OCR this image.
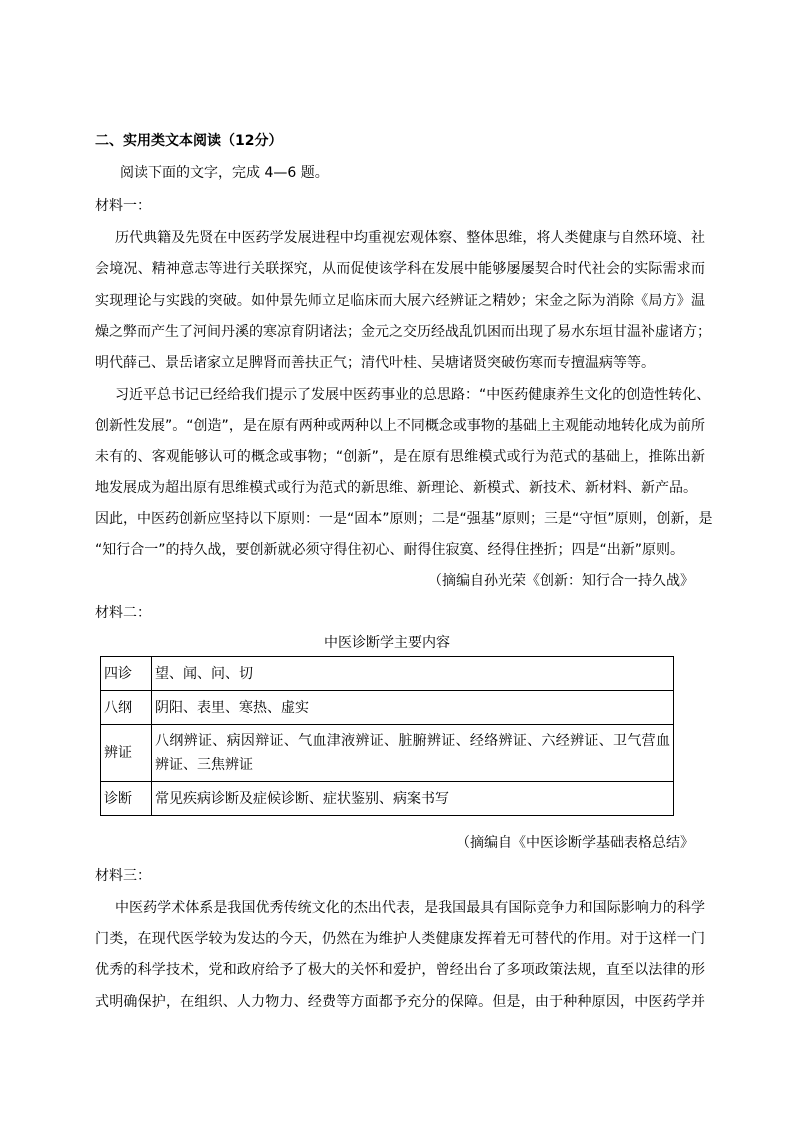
二、实用类文本阅读（12分）
阅读下面的文字，完成 4—6 题。
材料一：
历代典籍及先贤在中医药学发展进程中均重视宏观体察、整体思维，将人类健康与自然环境、社
会境况、精神意志等进行关联探究，从而促使该学科在发展中能够屡屡契合时代社会的实际需求而
实现理论与实践的突破。如仲景先师立足临床而大展六经辨证之精妙；宋金之际为消除《局方》温
燥之弊而产生了河间丹溪的寒凉育阴诸法；金元之交历经战乱饥困而出现了易水东垣甘温补虚诸方；
明代薛己、景岳诸家立足脾肾而善扶正气；清代叶桂、吴塘诸贤突破伤寒而专擅温病等等。
习近平总书记已经给我们提示了发展中医药事业的总思路：“中医药健康养生文化的创造性转化、
创新性发展”。“创造”，是在原有两种或两种以上不同概念或事物的基础上主观能动地转化成为前所
未有的、客观能够认可的概念或事物；“创新”，是在原有思维模式或行为范式的基础上，推陈出新
地发展成为超出原有思维模式或行为范式的新思维、新理论、新模式、新技术、新材料、新产品。
因此，中医药创新应坚持以下原则：一是“固本”原则；二是“强基”原则；三是“守恒”原则，创新，是
“知行合一”的持久战，要创新就必须守得住初心、耐得住寂寞、经得住挫折；四是“出新”原则。
（摘编自孙光荣《创新：知行合一持久战》
材料二：
中医诊断学主要内容
四诊	望、闻、问、切
八纲	阴阳、表里、寒热、虚实
辨证	八纲辨证、病因辩证、气血津液辨证、脏腑辨证、经络辨证、六经辨证、卫气营血辨证、三焦辨证
诊断	常见疾病诊断及症候诊断、症状鉴别、病案书写
（摘编自《中医诊断学基础表格总结》
材料三：
中医药学术体系是我国优秀传统文化的杰出代表，是我国最具有国际竞争力和国际影响力的科学
门类，在现代医学较为发达的今天，仍然在为维护人类健康发挥着无可替代的作用。对于这样一门
优秀的科学技术，党和政府给予了极大的关怀和爱护，曾经出台了多项政策法规，直至以法律的形
式明确保护，在组织、人力物力、经费等方面都予充分的保障。但是，由于种种原因，中医药学并
